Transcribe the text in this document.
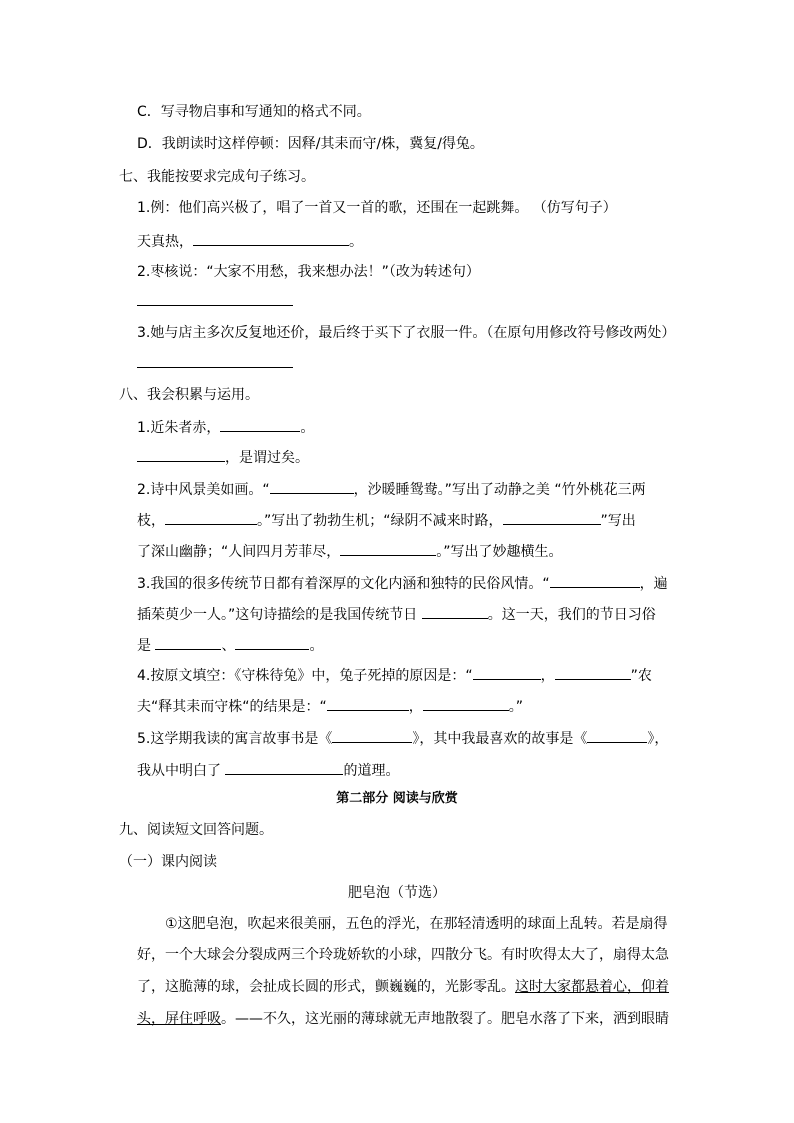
C．写寻物启事和写通知的格式不同。
D．我朗读时这样停顿：因释/其耒而守/株，冀复/得兔。
七、我能按要求完成句子练习。
1.例：他们高兴极了，唱了一首又一首的歌，还围在一起跳舞。 （仿写句子）
天真热，	。
2.枣核说：“大家不用愁，我来想办法！”（改为转述句）
3.她与店主多次反复地还价，最后终于买下了衣服一件。（在原句用修改符号修改两处）
八、我会积累与运用。
1.近朱者赤，	。
，是谓过矣。
2.诗中风景美如画。“	，沙暖睡鸳鸯。”写出了动静之美 “竹外桃花三两
枝，	。”写出了勃勃生机；“绿阴不减来时路，	”写出
了深山幽静；“人间四月芳菲尽，	。”写出了妙趣横生。
3.我国的很多传统节日都有着深厚的文化内涵和独特的民俗风情。“	，遍
插茱萸少一人。”这句诗描绘的是我国传统节日	。这一天，我们的节日习俗
是	、	。
4.按原文填空：《守株待兔》中，兔子死掉的原因是：“	，	”农
夫“释其耒而守株“的结果是：“	，	。”
5.这学期我读的寓言故事书是《	》，其中我最喜欢的故事是《	》，
我从中明白了	的道理。
第二部分 阅读与欣赏
九、阅读短文回答问题。
（一）课内阅读
肥皂泡（节选）
①这肥皂泡，吹起来很美丽，五色的浮光，在那轻清透明的球面上乱转。若是扇得
好，一个大球会分裂成两三个玲珑娇软的小球，四散分飞。有时吹得太大了，扇得太急
了，这脆薄的球，会扯成长圆的形式，颤巍巍的，光影零乱。这时大家都悬着心，仰着
头，屏住呼吸。——不久，这光丽的薄球就无声地散裂了。肥皂水落了下来，洒到眼睛
